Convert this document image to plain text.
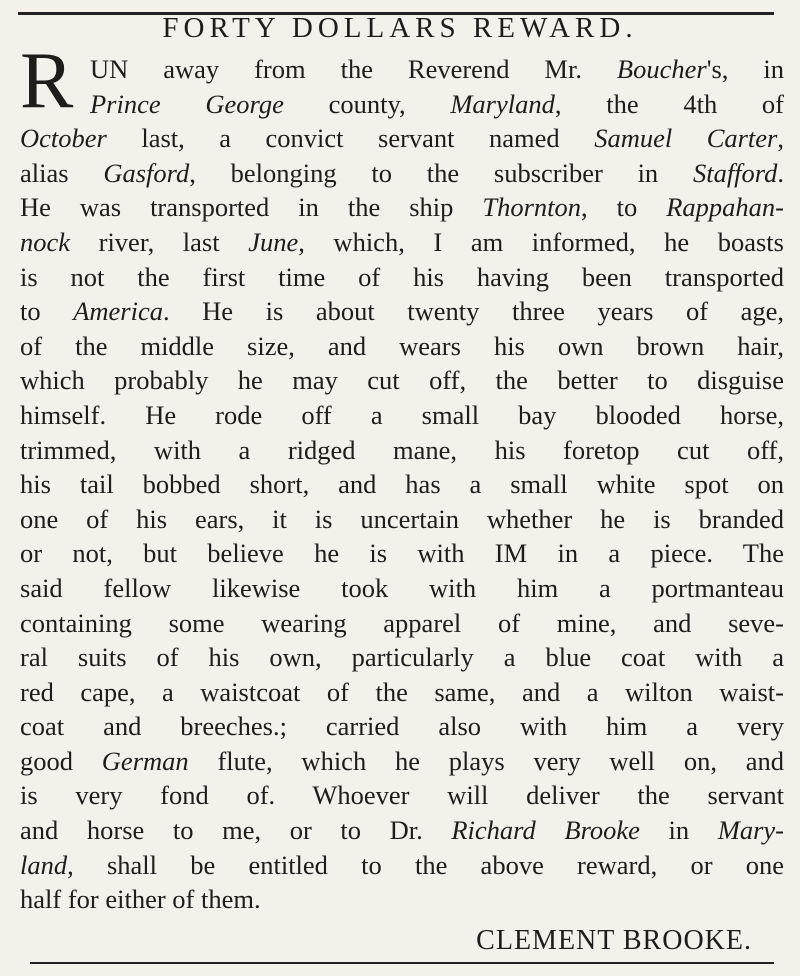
FORTY DOLLARS REWARD.
R UN away from the Reverend Mr. Boucher's, in
Prince George county, Maryland, the 4th of
October last, a convict servant named Samuel Carter,
alias Gasford, belonging to the subscriber in Stafford.
He was transported in the ship Thornton, to Rappahan-
nock river, last June, which, I am informed, he boasts
is not the first time of his having been transported
to America. He is about twenty three years of age,
of the middle size, and wears his own brown hair,
which probably he may cut off, the better to disguise
himself. He rode off a small bay blooded horse,
trimmed, with a ridged mane, his foretop cut off,
his tail bobbed short, and has a small white spot on
one of his ears, it is uncertain whether he is branded
or not, but believe he is with IM in a piece. The
said fellow likewise took with him a portmanteau
containing some wearing apparel of mine, and seve-
ral suits of his own, particularly a blue coat with a
red cape, a waistcoat of the same, and a wilton waist-
coat and breeches.; carried also with him a very
good German flute, which he plays very well on, and
is very fond of. Whoever will deliver the servant
and horse to me, or to Dr. Richard Brooke in Mary-
land, shall be entitled to the above reward, or one
half for either of them.
CLEMENT BROOKE.
